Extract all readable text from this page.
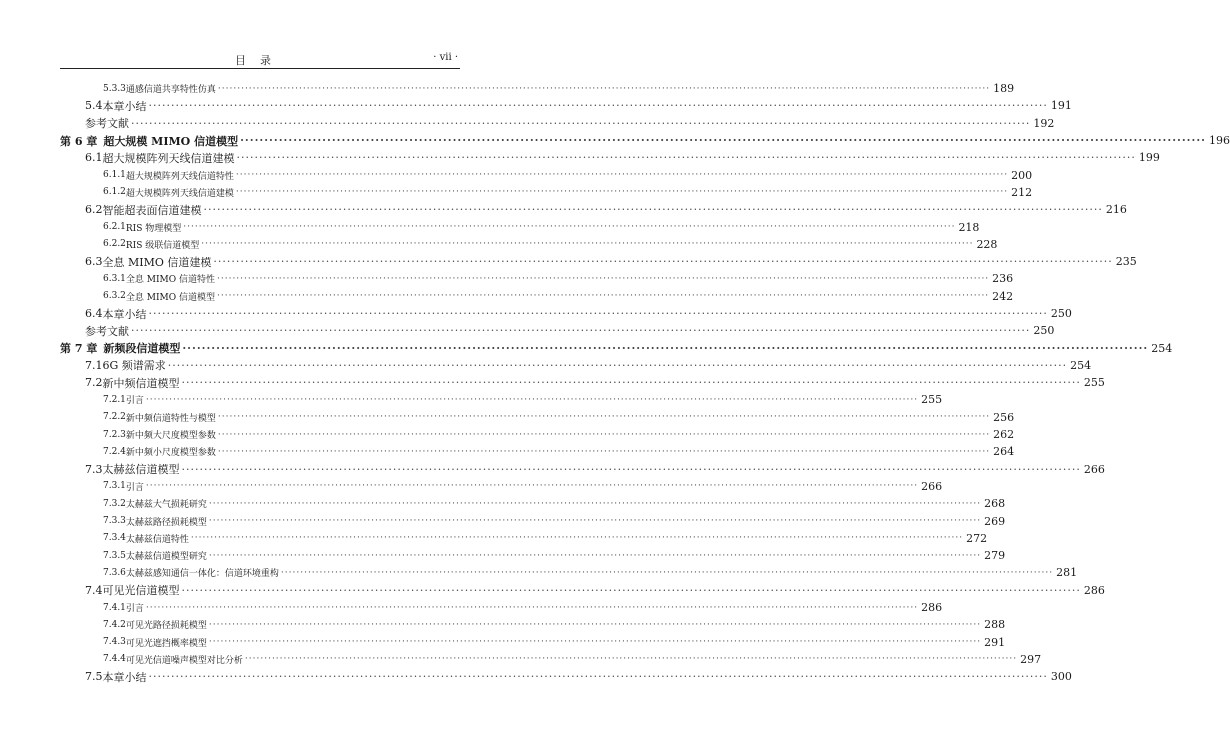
目录	· vii ·
5.3.3 通感信道共享特性仿真 ········································································································································································································ 189
5.4 本章小结 ········································································································································································································ 191
参考文献 ········································································································································································································ 192
第 6 章 超大规模 MIMO 信道模型 ········································································································································································································ 196
6.1 超大规模阵列天线信道建模 ········································································································································································································ 199
6.1.1 超大规模阵列天线信道特性 ········································································································································································································ 200
6.1.2 超大规模阵列天线信道建模 ········································································································································································································ 212
6.2 智能超表面信道建模 ········································································································································································································ 216
6.2.1 RIS 物理模型 ········································································································································································································ 218
6.2.2 RIS 级联信道模型 ········································································································································································································ 228
6.3 全息 MIMO 信道建模 ········································································································································································································ 235
6.3.1 全息 MIMO 信道特性 ········································································································································································································ 236
6.3.2 全息 MIMO 信道模型 ········································································································································································································ 242
6.4 本章小结 ········································································································································································································ 250
参考文献 ········································································································································································································ 250
第 7 章 新频段信道模型 ········································································································································································································ 254
7.1 6G 频谱需求 ········································································································································································································ 254
7.2 新中频信道模型 ········································································································································································································ 255
7.2.1 引言 ········································································································································································································ 255
7.2.2 新中频信道特性与模型 ········································································································································································································ 256
7.2.3 新中频大尺度模型参数 ········································································································································································································ 262
7.2.4 新中频小尺度模型参数 ········································································································································································································ 264
7.3 太赫兹信道模型 ········································································································································································································ 266
7.3.1 引言 ········································································································································································································ 266
7.3.2 太赫兹大气损耗研究 ········································································································································································································ 268
7.3.3 太赫兹路径损耗模型 ········································································································································································································ 269
7.3.4 太赫兹信道特性 ········································································································································································································ 272
7.3.5 太赫兹信道模型研究 ········································································································································································································ 279
7.3.6 太赫兹感知通信一体化：信道环境重构 ········································································································································································································ 281
7.4 可见光信道模型 ········································································································································································································ 286
7.4.1 引言 ········································································································································································································ 286
7.4.2 可见光路径损耗模型 ········································································································································································································ 288
7.4.3 可见光遮挡概率模型 ········································································································································································································ 291
7.4.4 可见光信道噪声模型对比分析 ········································································································································································································ 297
7.5 本章小结 ········································································································································································································ 300
